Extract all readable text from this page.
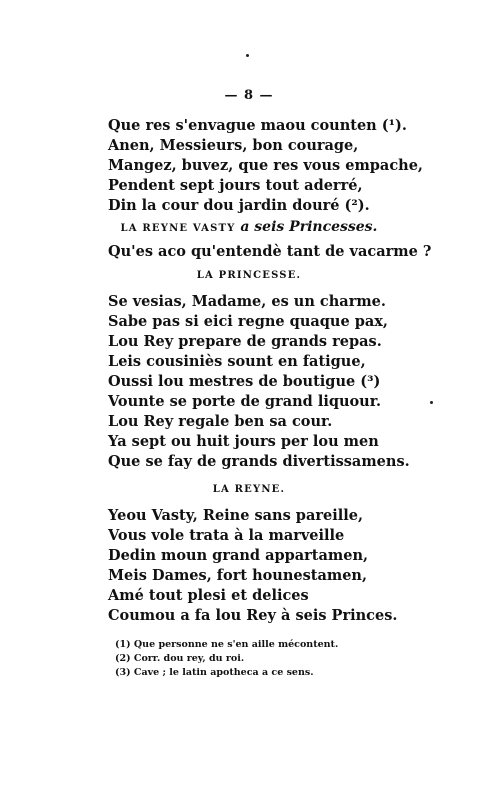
— 8 —
Que res s'envague maou counten (¹).
Anen, Messieurs, bon courage,
Mangez, buvez, que res vous empache,
Pendent sept jours tout aderré,
Din la cour dou jardin douré (²).
LA REYNE VASTY a seis Princesses.
Qu'es aco qu'entendè tant de vacarme ?
LA PRINCESSE.
Se vesias, Madame, es un charme.
Sabe pas si eici regne quaque pax,
Lou Rey prepare de grands repas.
Leis cousiniès sount en fatigue,
Oussi lou mestres de boutigue (³)
Vounte se porte de grand liquour.
Lou Rey regale ben sa cour.
Ya sept ou huit jours per lou men
Que se fay de grands divertissamens.
LA REYNE.
Yeou Vasty, Reine sans pareille,
Vous vole trata à la marveille
Dedin moun grand appartamen,
Meis Dames, fort hounestamen,
Amé tout plesi et delices
Coumou a fa lou Rey à seis Princes.
(1) Que personne ne s'en aille mécontent.
(2) Corr. dou rey, du roi.
(3) Cave ; le latin apotheca a ce sens.
